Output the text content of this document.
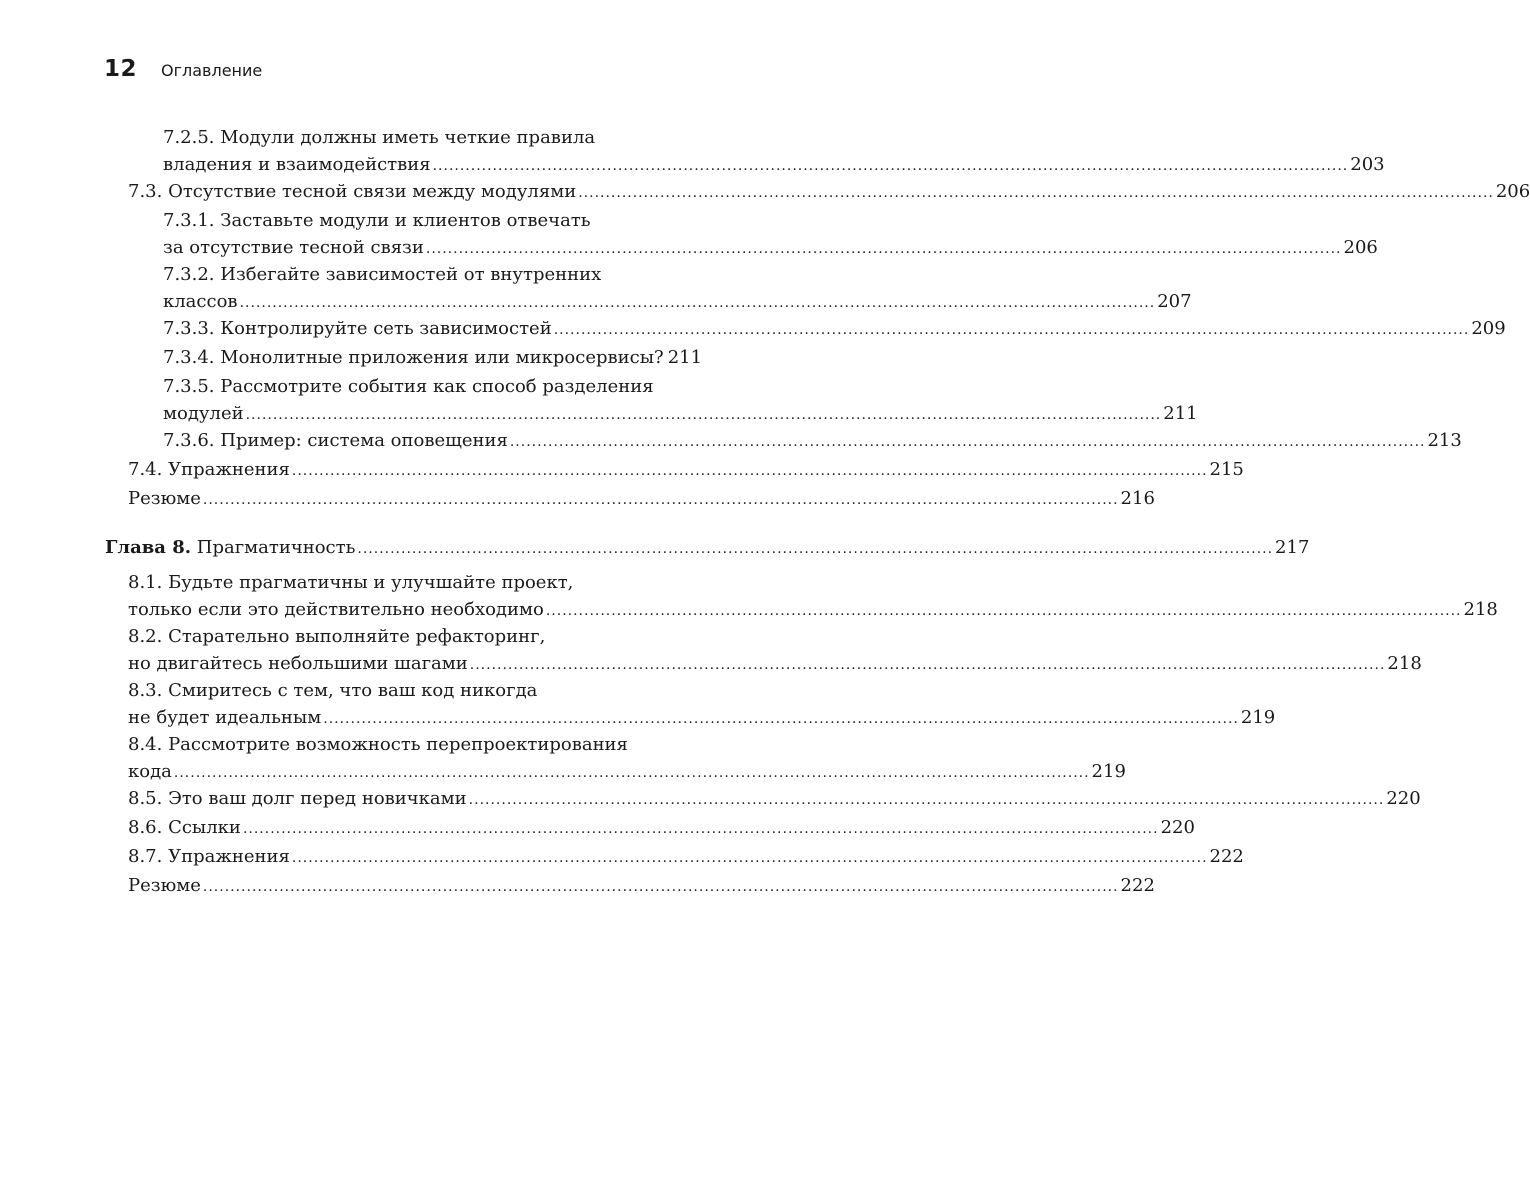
12 Оглавление
7.2.5. Модули должны иметь четкие правила
владения и взаимодействия ........................................................................................................................................................................ 203
7.3. Отсутствие тесной связи между модулями ........................................................................................................................................................................ 206
7.3.1. Заставьте модули и клиентов отвечать
за отсутствие тесной связи ........................................................................................................................................................................ 206
7.3.2. Избегайте зависимостей от внутренних
классов ........................................................................................................................................................................ 207
7.3.3. Контролируйте сеть зависимостей ........................................................................................................................................................................ 209
7.3.4. Монолитные приложения или микросервисы? 211
7.3.5. Рассмотрите события как способ разделения
модулей ........................................................................................................................................................................ 211
7.3.6. Пример: система оповещения ........................................................................................................................................................................ 213
7.4. Упражнения ........................................................................................................................................................................ 215
Резюме ........................................................................................................................................................................ 216
Глава 8. Прагматичность ........................................................................................................................................................................ 217
8.1. Будьте прагматичны и улучшайте проект,
только если это действительно необходимо ........................................................................................................................................................................ 218
8.2. Старательно выполняйте рефакторинг,
но двигайтесь небольшими шагами ........................................................................................................................................................................ 218
8.3. Смиритесь с тем, что ваш код никогда
не будет идеальным ........................................................................................................................................................................ 219
8.4. Рассмотрите возможность перепроектирования
кода ........................................................................................................................................................................ 219
8.5. Это ваш долг перед новичками ........................................................................................................................................................................ 220
8.6. Ссылки ........................................................................................................................................................................ 220
8.7. Упражнения ........................................................................................................................................................................ 222
Резюме ........................................................................................................................................................................ 222
